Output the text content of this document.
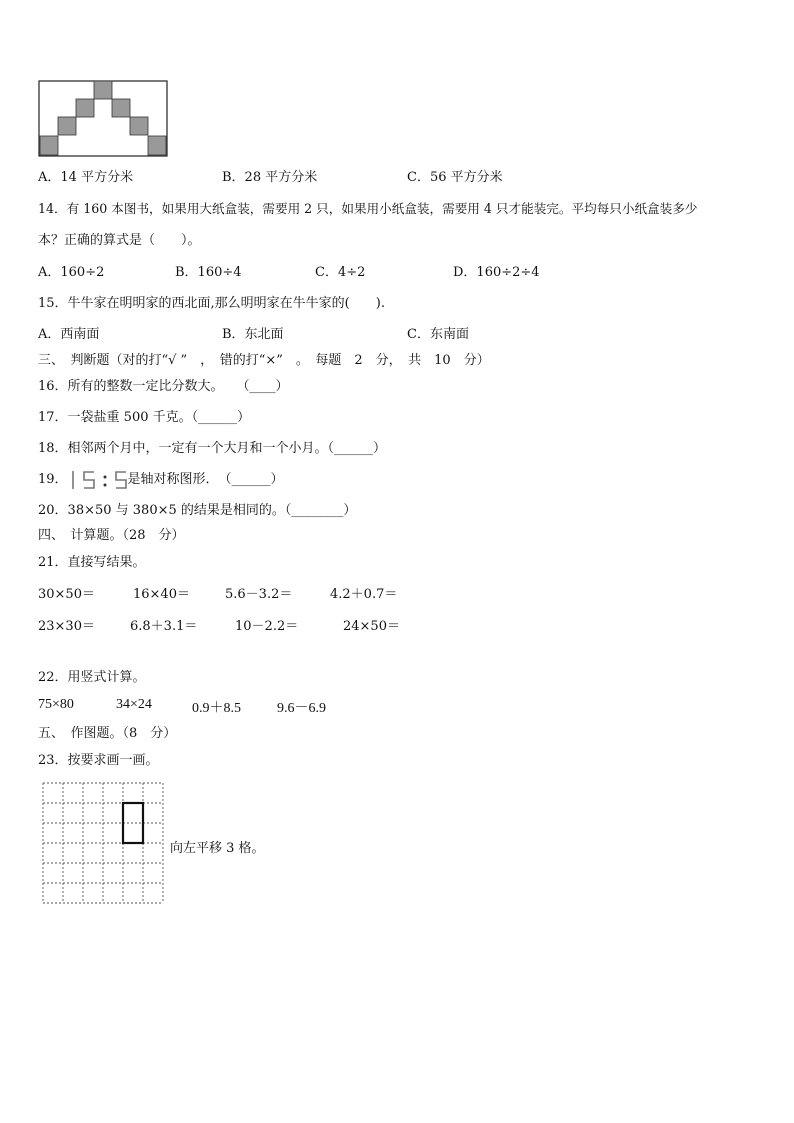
A．14 平方分米	B．28 平方分米	C．56 平方分米
14．有 160 本图书，如果用大纸盒装，需要用 2 只，如果用小纸盒装，需要用 4 只才能装完。平均每只小纸盒装多少
本？正确的算式是（　　）。
A．160÷2	B．160÷4	C．4÷2	D．160÷2÷4
15．牛牛家在明明家的西北面,那么明明家在牛牛家的(　　).
A．西南面	B．东北面	C．东南面
三、　判断题（对的打“√ ”　，　错的打“×”　。　每题　2　分，　共　10　分）
16．所有的整数一定比分数大。　　（____）
17．一袋盐重 500 千克。（______）
18．相邻两个月中，一定有一个大月和一个小月。（______）
19．	是轴对称图形．　（______）
20．38×50 与 380×5 的结果是相同的。（________）
四、　计算题。（28　分）
21．直接写结果。
30×50＝	16×40＝	5.6－3.2＝	4.2＋0.7＝
23×30＝	6.8＋3.1＝	10－2.2＝	24×50＝
22．用竖式计算。
75×80	34×24	0.9＋8.5	9.6－6.9
五、　作图题。（8　分）
23．按要求画一画。
向左平移 3 格。
